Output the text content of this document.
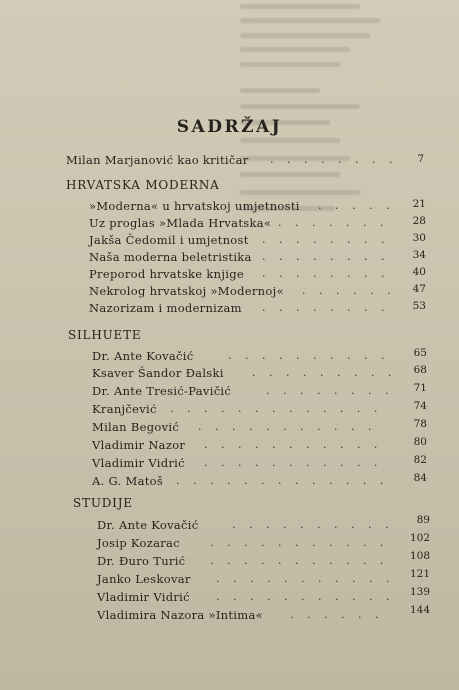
SADRŽAJ
Milan Marjanović kao kritičar . . . . . . . .	7
HRVATSKA MODERNA
»Moderna« u hrvatskoj umjetnosti . . . . .	21
Uz proglas »Mlada Hrvatska« . . . . . . .	28
Jakša Čedomil i umjetnost . . . . . . . .	30
Naša moderna beletristika . . . . . . . .	34
Preporod hrvatske knjige . . . . . . . .	40
Nekrolog hrvatskoj »Modernoj« . . . . . .	47
Nazorizam i modernizam . . . . . . . .	53
SILHUETE
Dr. Ante Kovačić	. . . . . . . . . .	65
Ksaver Šandor Đalski	. . . . . . . . .	68
Dr. Ante Tresić-Pavičić	. . . . . . . .	71
Kranjčević . . . . . . . . . . . . .	74
Milan Begović . . . . . . . . . . .	78
Vladimir Nazor . . . . . . . . . . .	80
Vladimir Vidrić . . . . . . . . . . .	82
A. G. Matoš . . . . . . . . . . . . .	84
STUDIJE
Dr. Ante Kovačić	. . . . . . . . . .	89
Josip Kozarac	. . . . . . . . . . .	102
Dr. Đuro Turić . . . . . . . . . . .	108
Janko Leskovar . . . . . . . . . . .	121
Vladimir Vidrić . . . . . . . . . . .	139
Vladimira Nazora »Intima« . . . . . .	144
